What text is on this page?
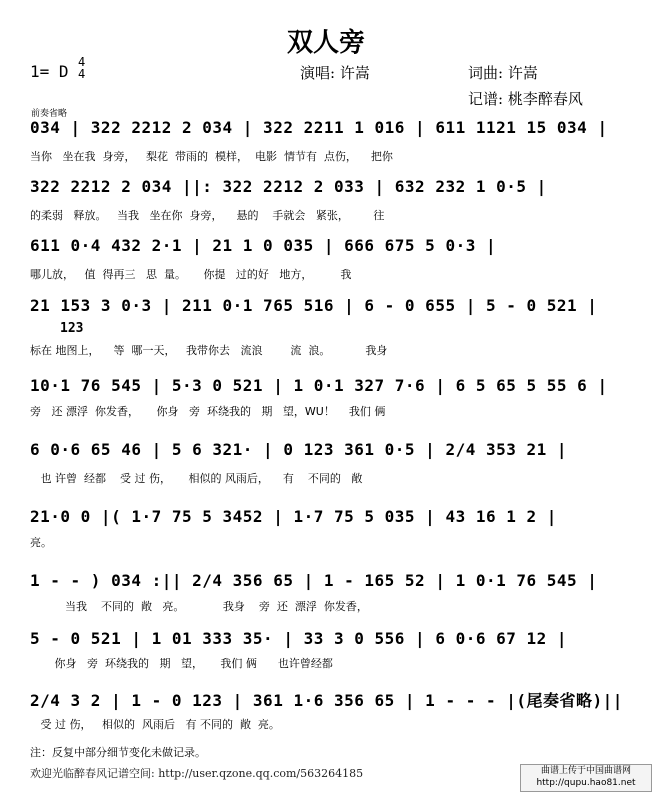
双人旁
1= D 4
4	演唱: 许嵩	词曲: 许嵩
记谱: 桃李醉春风
前奏省略
034 | 322 2212 2 034 | 322 2211 1 016 | 611 1121 15 034 |
当你   坐在我  身旁，   梨花  带雨的  模样，  电影  情节有  点伤，    把你
322 2212 2 034 ||: 322 2212 2 033 | 632 232 1 0·5 |
的柔弱   释放。   当我   坐在你  身旁，    悬的    手就会   紧张，       往
611 0·4 432 2·1 | 21 1 0 035 | 666 675 5 0·3 |
哪儿放，   值  得再三   思  量。     你提   过的好   地方，        我
21 153 3 0·3 | 211 0·1 765 516 | 6 - 0 655 | 5 - 0 521 |
123
标在 地图上，    等  哪一天，   我带你去   流浪        流  浪。          我身
10·1 76 545 | 5·3 0 521 | 1 0·1 327 7·6 | 6 5 65 5 55 6 |
旁   还 漂浮  你发香，     你身   旁  环绕我的   期   望，WU！    我们 俩
6 0·6 65 46 | 5 6 321· | 0 123 361 0·5 | 2/4 353 21 |
也 许曾  经都    受 过 伤，     相似的 风雨后，    有    不同的   敞
21·0 0 |( 1·7 75 5 3452 | 1·7 75 5 035 | 43 16 1 2 |
亮。
1 - - ) 034 :|| 2/4 356 65 | 1 - 165 52 | 1 0·1 76 545 |
当我    不同的  敞   亮。           我身    旁  还  漂浮  你发香，
5 - 0 521 | 1 01 333 35· | 33 3 0 556 | 6 0·6 67 12 |
你身   旁  环绕我的   期   望，     我们 俩      也许曾经都
2/4 3 2 | 1 - 0 123 | 361 1·6 356 65 | 1 - - - |(尾奏省略)||
受 过 伤，   相似的  风雨后   有 不同的  敞  亮。
注：反复中部分细节变化未做记录。
欢迎光临醉春风记谱空间: http://user.qzone.qq.com/563264185	曲谱上传于中国曲谱网
http://qupu.hao81.net
